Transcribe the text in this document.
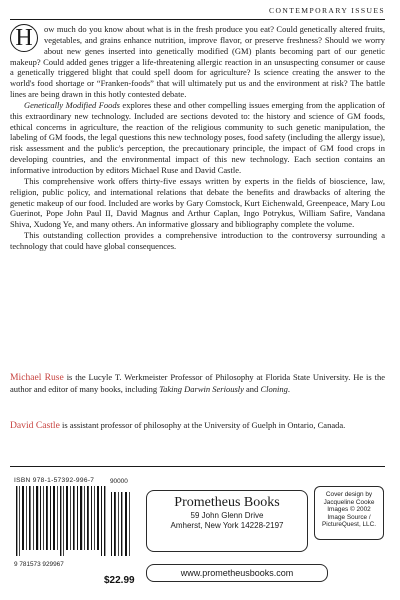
CONTEMPORARY ISSUES
H	ow much do you know about what is in the fresh produce you eat? Could genetically altered fruits, vegetables, and grains enhance nutrition, improve flavor, or preserve freshness? Should we worry about new genes inserted into genetically modified (GM) plants becoming part of our genetic makeup? Could added genes trigger a life-threatening allergic reaction in an unsuspecting consumer or cause a genetically triggered blight that could spell doom for agriculture? Is science creating the answer to the world's food shortage or “Franken-foods” that will ultimately put us and the environment at risk? The battle lines are being drawn in this hotly contested debate.

Genetically Modified Foods explores these and other compelling issues emerging from the application of this extraordinary new technology. Included are sections devoted to: the history and science of GM foods, ethical concerns in agriculture, the reaction of the religious community to such genetic manipulation, the labeling of GM foods, the legal questions this new technology poses, food safety (including the allergy issue), risk assessment and the public's perception, the precautionary principle, the impact of GM food crops in developing countries, and the environmental impact of this new technology. Each section contains an informative introduction by editors Michael Ruse and David Castle.

This comprehensive work offers thirty-five essays written by experts in the fields of bioscience, law, religion, public policy, and international relations that debate the benefits and drawbacks of altering the genetic makeup of our food. Included are works by Gary Comstock, Kurt Eichenwald, Greenpeace, Mary Lou Guerinot, Pope John Paul II, David Magnus and Arthur Caplan, Ingo Potrykus, William Safire, Vandana Shiva, Xudong Ye, and many others. An informative glossary and bibliography complete the volume.

This outstanding collection provides a comprehensive introduction to the controversy surrounding a technology that could have global consequences.

Michael Ruse is the Lucyle T. Werkmeister Professor of Philosophy at Florida State University. He is the author and editor of many books, including Taking Darwin Seriously and Cloning.
David Castle is assistant professor of philosophy at the University of Guelph in Ontario, Canada.
ISBN 978-1-57392-996-7
9 781573 929967
90000
$22.99
Prometheus Books
59 John Glenn Drive
Amherst, New York 14228-2197
www.prometheusbooks.com
Cover design by
Jacqueline Cooke
Images © 2002
Image Source /
PictureQuest, LLC.
